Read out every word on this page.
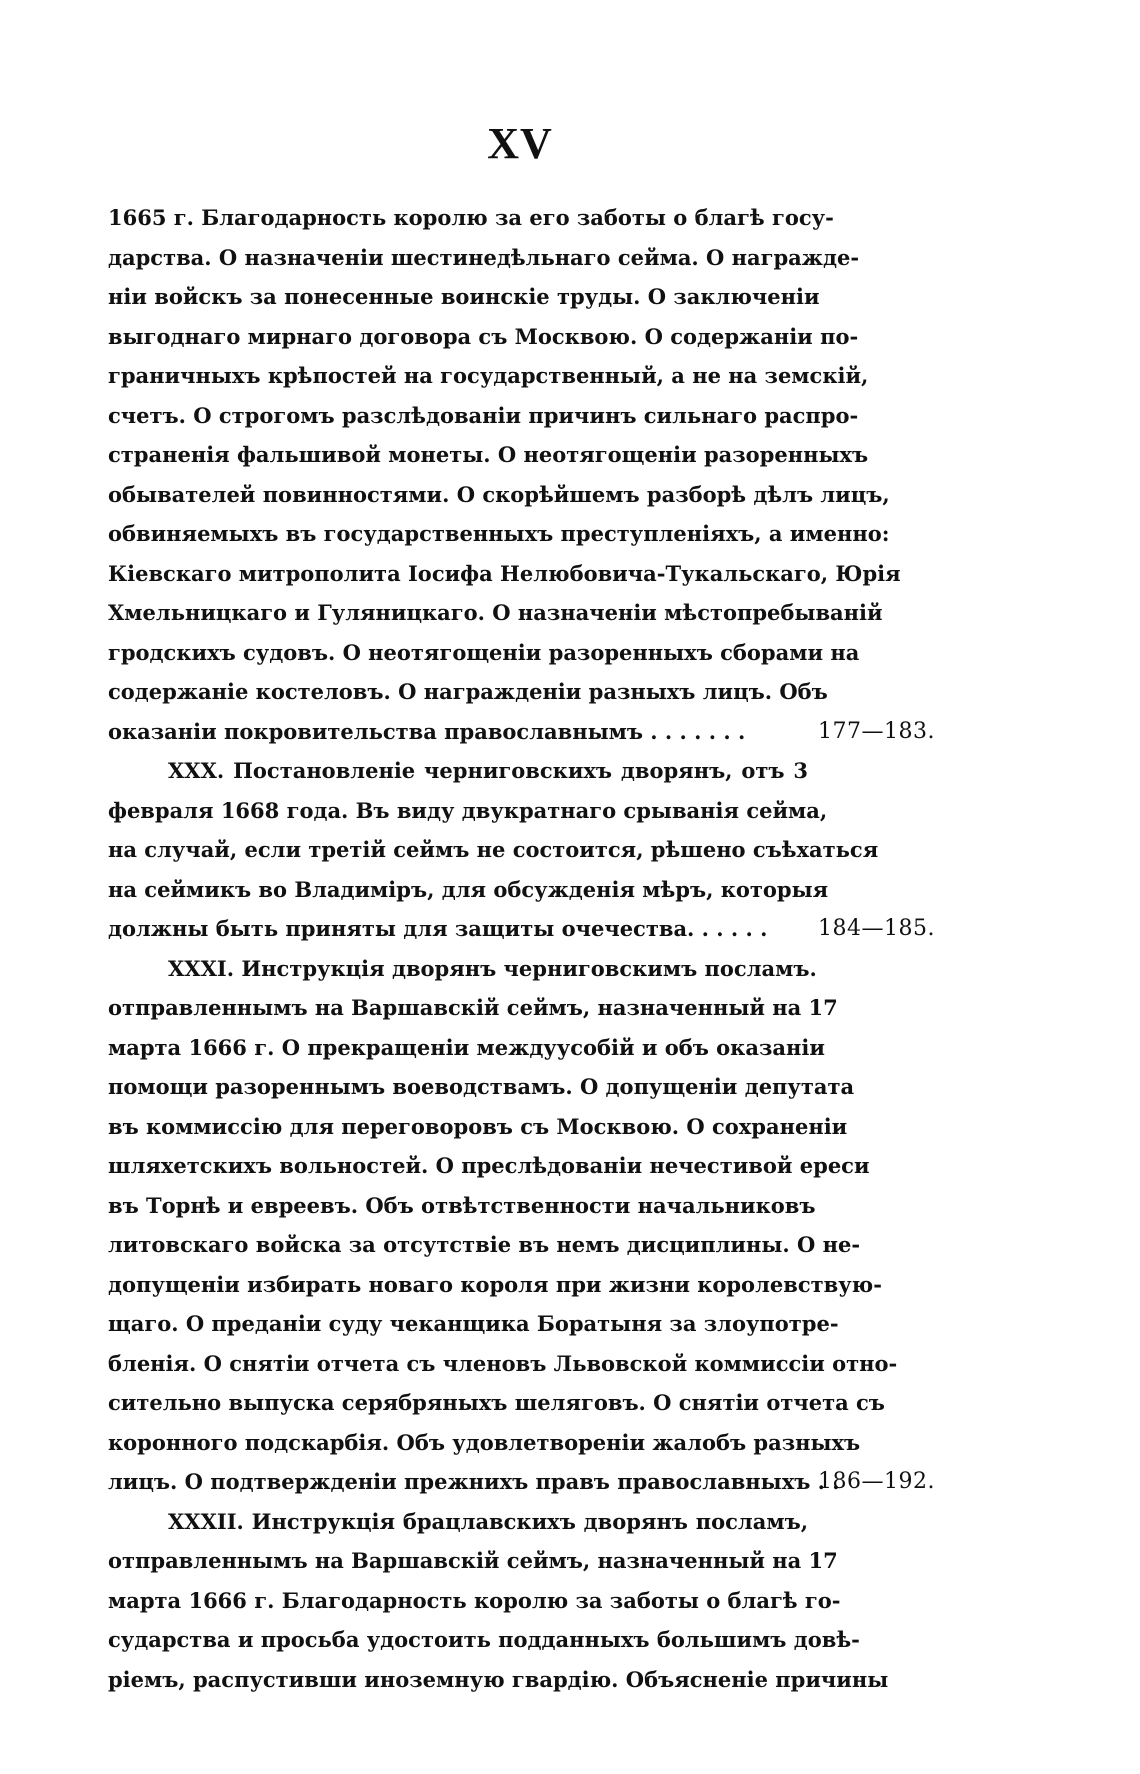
XV
1665 г. Благодарность королю за его заботы о благѣ госу-
дарства. О назначеніи шестинедѣльнаго сейма. О награжде-
ніи войскъ за понесенные воинскіе труды. О заключеніи
выгоднаго мирнаго договора съ Москвою. О содержаніи по-
граничныхъ крѣпостей на государственный, а не на земскій,
счетъ. О строгомъ разслѣдованіи причинъ сильнаго распро-
страненія фальшивой монеты. О неотягощеніи разоренныхъ
обывателей повинностями. О скорѣйшемъ разборѣ дѣлъ лицъ,
обвиняемыхъ въ государственныхъ преступленіяхъ, а именно:
Кіевскаго митрополита Іосифа Нелюбовича-Тукальскаго, Юрія
Хмельницкаго и Гуляницкаго. О назначеніи мѣстопребываній
гродскихъ судовъ. О неотягощеніи разоренныхъ сборами на
содержаніе костеловъ. О награжденіи разныхъ лицъ. Объ
оказаніи покровительства православнымъ . . . . . . .	177—183.
XXX. Постановленіе черниговскихъ дворянъ, отъ 3
февраля 1668 года. Въ виду двукратнаго срыванія сейма,
на случай, если третій сеймъ не состоится, рѣшено съѣхаться
на сеймикъ во Владиміръ, для обсужденія мѣръ, которыя
должны быть приняты для защиты очечества. . . . . . 184—185.
XXXI. Инструкція дворянъ черниговскимъ посламъ.
отправленнымъ на Варшавскій сеймъ, назначенный на 17
марта 1666 г. О прекращеніи междуусобій и объ оказаніи
помощи разореннымъ воеводствамъ. О допущеніи депутата
въ коммиссію для переговоровъ съ Москвою. О сохраненіи
шляхетскихъ вольностей. О преслѣдованіи нечестивой ереси
въ Торнѣ и евреевъ. Объ отвѣтственности начальниковъ
литовскаго войска за отсутствіе въ немъ дисциплины. О не-
допущеніи избирать новаго короля при жизни королевствую-
щаго. О преданіи суду чеканщика Боратыня за злоупотре-
бленія. О снятіи отчета съ членовъ Львовской коммиссіи отно-
сительно выпуска серябряныхъ шеляговъ. О снятіи отчета съ
коронного подскарбія. Объ удовлетвореніи жалобъ разныхъ
лицъ. О подтвержденіи прежнихъ правъ православныхъ . .
186—192.
XXXII. Инструкція брацлавскихъ дворянъ посламъ,
отправленнымъ на Варшавскій сеймъ, назначенный на 17
марта 1666 г. Благодарность королю за заботы о благѣ го-
сударства и просьба удостоить подданныхъ большимъ довѣ-
ріемъ, распустивши иноземную гвардію. Объясненіе причины
